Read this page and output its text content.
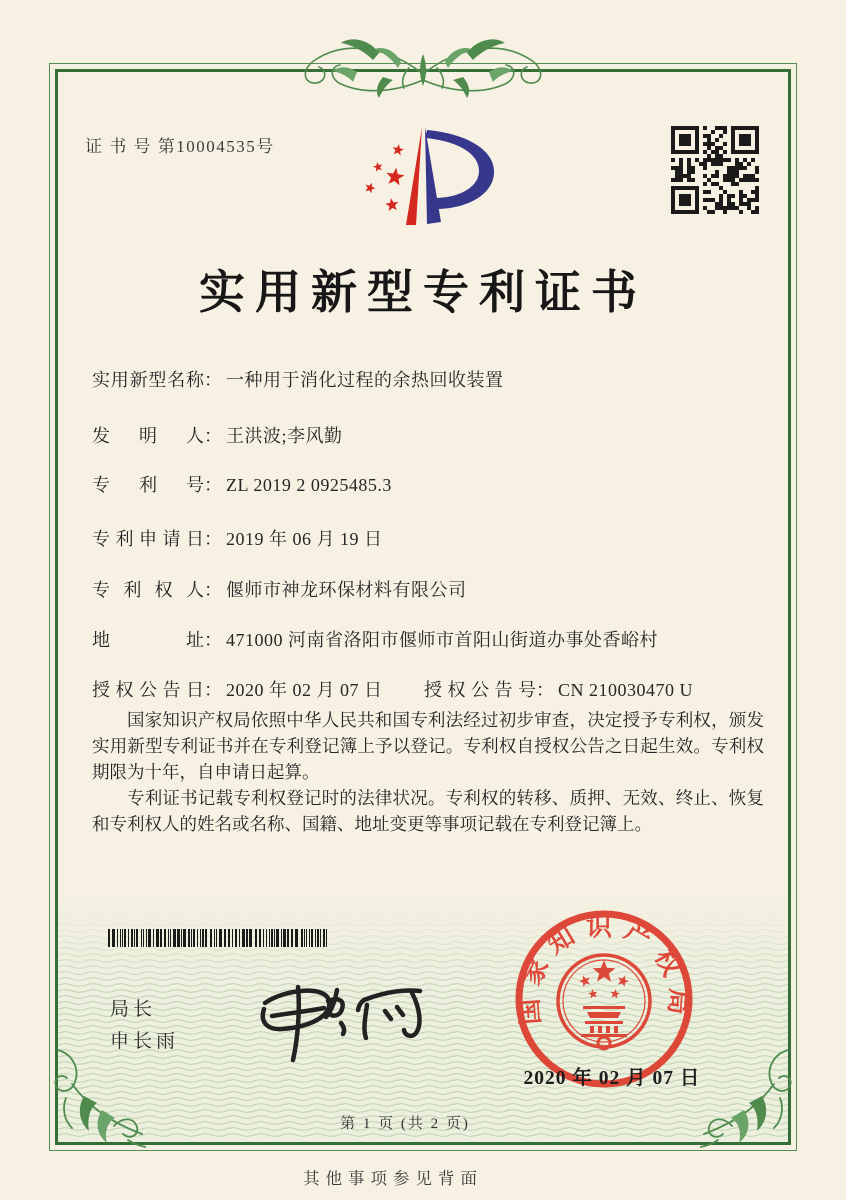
证 书 号 第10004535号
实用新型专利证书
实用新型名称： 一种用于消化过程的余热回收装置
发明人： 王洪波;李风勤
专利号： ZL 2019 2 0925485.3
专利申请日： 2019 年 06 月 19 日
专利权人： 偃师市神龙环保材料有限公司
地址： 471000 河南省洛阳市偃师市首阳山街道办事处香峪村
授权公告日： 2020 年 02 月 07 日 授权公告号： CN 210030470 U

国家知识产权局依照中华人民共和国专利法经过初步审查，决定授予专利权，颁发实用新型专利证书并在专利登记簿上予以登记。专利权自授权公告之日起生效。专利权期限为十年，自申请日起算。

专利证书记载专利权登记时的法律状况。专利权的转移、质押、无效、终止、恢复和专利权人的姓名或名称、国籍、地址变更等事项记载在专利登记簿上。

局长
申长雨
国家知识产权局
2020 年 02 月 07 日
第 1 页 (共 2 页)
其他事项参见背面
